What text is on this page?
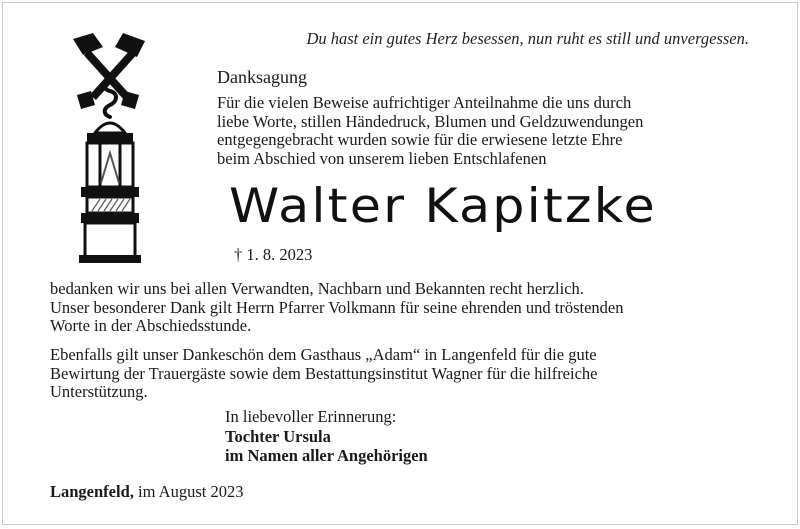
Du hast ein gutes Herz besessen, nun ruht es still und unvergessen.
Danksagung
Für die vielen Beweise aufrichtiger Anteilnahme die uns durch
liebe Worte, stillen Händedruck, Blumen und Geldzuwendungen
entgegengebracht wurden sowie für die erwiesene letzte Ehre
beim Abschied von unserem lieben Entschlafenen
Walter Kapitzke
† 1. 8. 2023
bedanken wir uns bei allen Verwandten, Nachbarn und Bekannten recht herzlich.
Unser besonderer Dank gilt Herrn Pfarrer Volkmann für seine ehrenden und tröstenden
Worte in der Abschiedsstunde.
Ebenfalls gilt unser Dankeschön dem Gasthaus „Adam“ in Langenfeld für die gute
Bewirtung der Trauergäste sowie dem Bestattungsinstitut Wagner für die hilfreiche
Unterstützung.
In liebevoller Erinnerung:
Tochter Ursula
im Namen aller Angehörigen
Langenfeld, im August 2023
